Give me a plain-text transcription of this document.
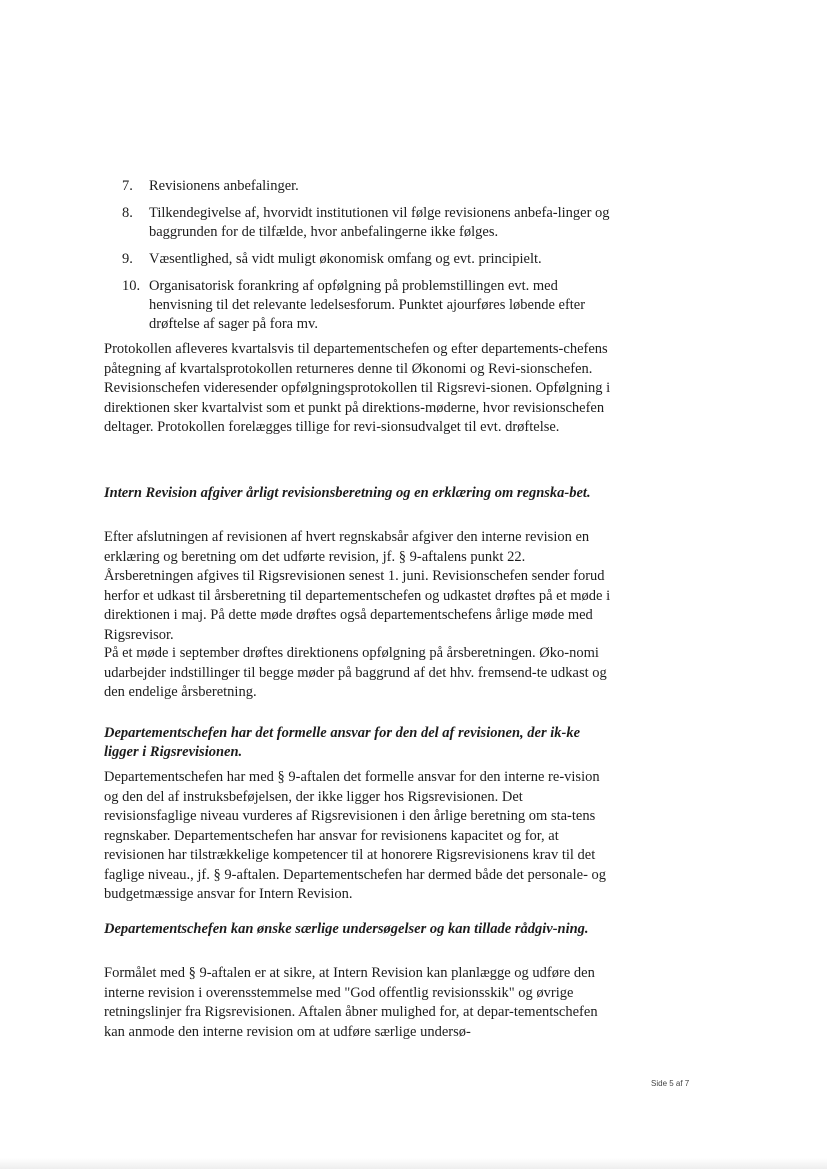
7.	Revisionens anbefalinger.
8.	Tilkendegivelse af, hvorvidt institutionen vil følge revisionens anbefa-linger og baggrunden for de tilfælde, hvor anbefalingerne ikke følges.
9.	Væsentlighed, så vidt muligt økonomisk omfang og evt. principielt.
10. Organisatorisk forankring af opfølgning på problemstillingen evt. med henvisning til det relevante ledelsesforum. Punktet ajourføres løbende efter drøftelse af sager på fora mv.

Protokollen afleveres kvartalsvis til departementschefen og efter departements-chefens påtegning af kvartalsprotokollen returneres denne til Økonomi og Revi-sionschefen. Revisionschefen videresender opfølgningsprotokollen til Rigsrevi-sionen. Opfølgning i direktionen sker kvartalvist som et punkt på direktions-møderne, hvor revisionschefen deltager. Protokollen forelægges tillige for revi-sionsudvalget til evt. drøftelse.

Intern Revision afgiver årligt revisionsberetning og en erklæring om regnska-bet.

Efter afslutningen af revisionen af hvert regnskabsår afgiver den interne revision en erklæring og beretning om det udførte revision, jf. § 9-aftalens punkt 22. Årsberetningen afgives til Rigsrevisionen senest 1. juni. Revisionschefen sender forud herfor et udkast til årsberetning til departementschefen og udkastet drøftes på et møde i direktionen i maj. På dette møde drøftes også departementschefens årlige møde med Rigsrevisor.

På et møde i september drøftes direktionens opfølgning på årsberetningen. Øko-nomi udarbejder indstillinger til begge møder på baggrund af det hhv. fremsend-te udkast og den endelige årsberetning.

Departementschefen har det formelle ansvar for den del af revisionen, der ik-ke ligger i Rigsrevisionen.

Departementschefen har med § 9-aftalen det formelle ansvar for den interne re-vision og den del af instruksbeføjelsen, der ikke ligger hos Rigsrevisionen. Det revisionsfaglige niveau vurderes af Rigsrevisionen i den årlige beretning om sta-tens regnskaber. Departementschefen har ansvar for revisionens kapacitet og for, at revisionen har tilstrækkelige kompetencer til at honorere Rigsrevisionens krav til det faglige niveau., jf. § 9-aftalen. Departementschefen har dermed både det personale- og budgetmæssige ansvar for Intern Revision.

Departementschefen kan ønske særlige undersøgelser og kan tillade rådgiv-ning.

Formålet med § 9-aftalen er at sikre, at Intern Revision kan planlægge og udføre den interne revision i overensstemmelse med "God offentlig revisionsskik" og øvrige retningslinjer fra Rigsrevisionen. Aftalen åbner mulighed for, at depar-tementschefen kan anmode den interne revision om at udføre særlige undersø-

Side 5 af 7
